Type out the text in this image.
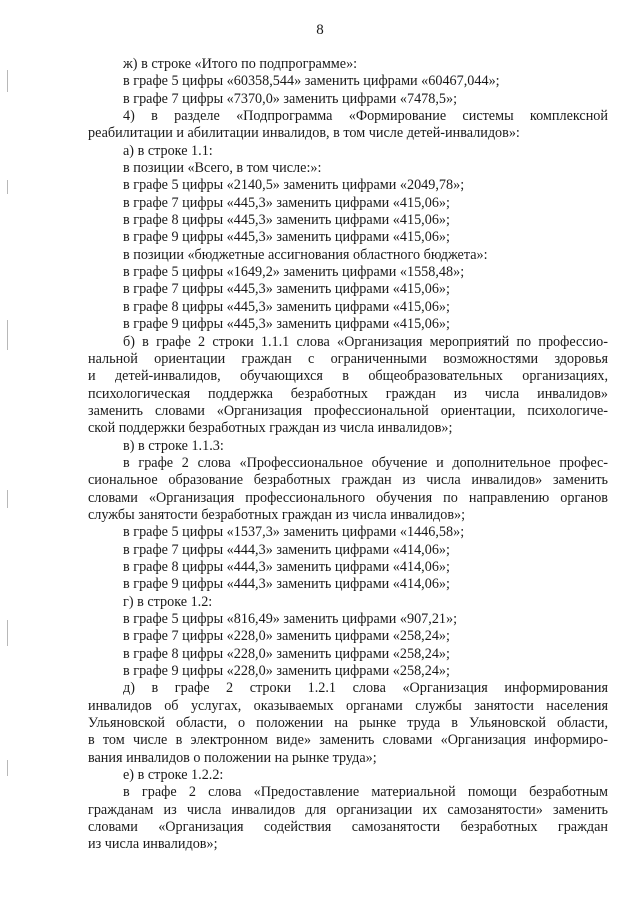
8
ж) в строке «Итого по подпрограмме»:
в графе 5 цифры «60358,544» заменить цифрами «60467,044»;
в графе 7 цифры «7370,0» заменить цифрами «7478,5»;
4) в разделе «Подпрограмма «Формирование системы комплексной
реабилитации и абилитации инвалидов, в том числе детей-инвалидов»:
а) в строке 1.1:
в позиции «Всего, в том числе:»:
в графе 5 цифры «2140,5» заменить цифрами «2049,78»;
в графе 7 цифры «445,3» заменить цифрами «415,06»;
в графе 8 цифры «445,3» заменить цифрами «415,06»;
в графе 9 цифры «445,3» заменить цифрами «415,06»;
в позиции «бюджетные ассигнования областного бюджета»:
в графе 5 цифры «1649,2» заменить цифрами «1558,48»;
в графе 7 цифры «445,3» заменить цифрами «415,06»;
в графе 8 цифры «445,3» заменить цифрами «415,06»;
в графе 9 цифры «445,3» заменить цифрами «415,06»;
б) в графе 2 строки 1.1.1 слова «Организация мероприятий по профессио-
нальной ориентации граждан с ограниченными возможностями здоровья
и детей-инвалидов, обучающихся в общеобразовательных организациях,
психологическая поддержка безработных граждан из числа инвалидов»
заменить словами «Организация профессиональной ориентации, психологиче-
ской поддержки безработных граждан из числа инвалидов»;
в) в строке 1.1.3:
в графе 2 слова «Профессиональное обучение и дополнительное профес-
сиональное образование безработных граждан из числа инвалидов» заменить
словами «Организация профессионального обучения по направлению органов
службы занятости безработных граждан из числа инвалидов»;
в графе 5 цифры «1537,3» заменить цифрами «1446,58»;
в графе 7 цифры «444,3» заменить цифрами «414,06»;
в графе 8 цифры «444,3» заменить цифрами «414,06»;
в графе 9 цифры «444,3» заменить цифрами «414,06»;
г) в строке 1.2:
в графе 5 цифры «816,49» заменить цифрами «907,21»;
в графе 7 цифры «228,0» заменить цифрами «258,24»;
в графе 8 цифры «228,0» заменить цифрами «258,24»;
в графе 9 цифры «228,0» заменить цифрами «258,24»;
д) в графе 2 строки 1.2.1 слова «Организация информирования
инвалидов об услугах, оказываемых органами службы занятости населения
Ульяновской области, о положении на рынке труда в Ульяновской области,
в том числе в электронном виде» заменить словами «Организация информиро-
вания инвалидов о положении на рынке труда»;
е) в строке 1.2.2:
в графе 2 слова «Предоставление материальной помощи безработным
гражданам из числа инвалидов для организации их самозанятости» заменить
словами «Организация содействия самозанятости безработных граждан
из числа инвалидов»;
